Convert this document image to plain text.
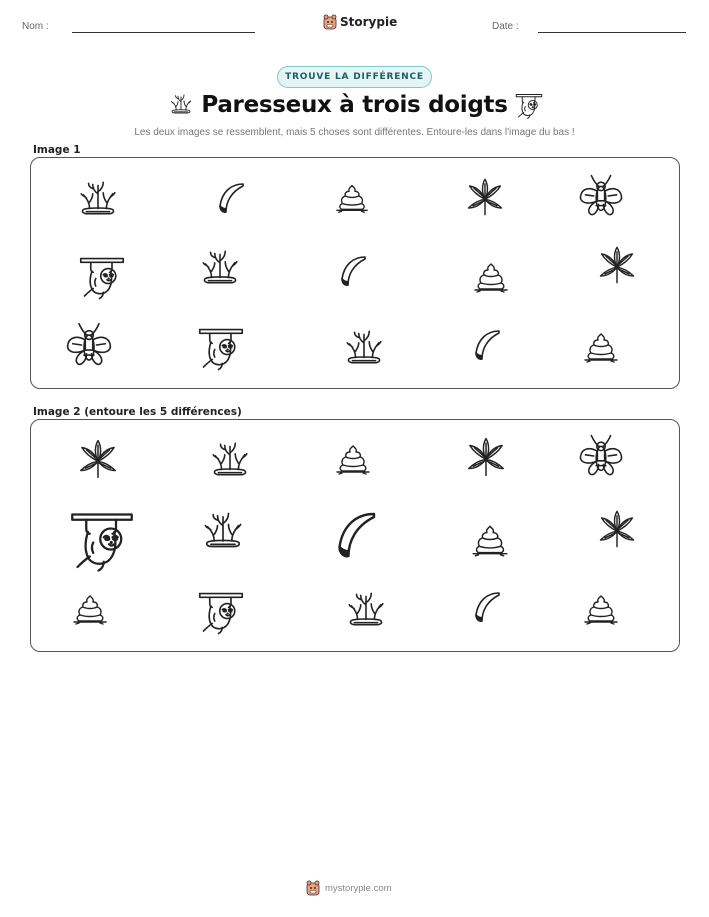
Nom :	Storypie	Date :
TROUVE LA DIFFÉRENCE
Paresseux à trois doigts
Les deux images se ressemblent, mais 5 choses sont différentes. Entoure-les dans l'image du bas !
Image 1
Image 2 (entoure les 5 différences)
mystorypie.com
